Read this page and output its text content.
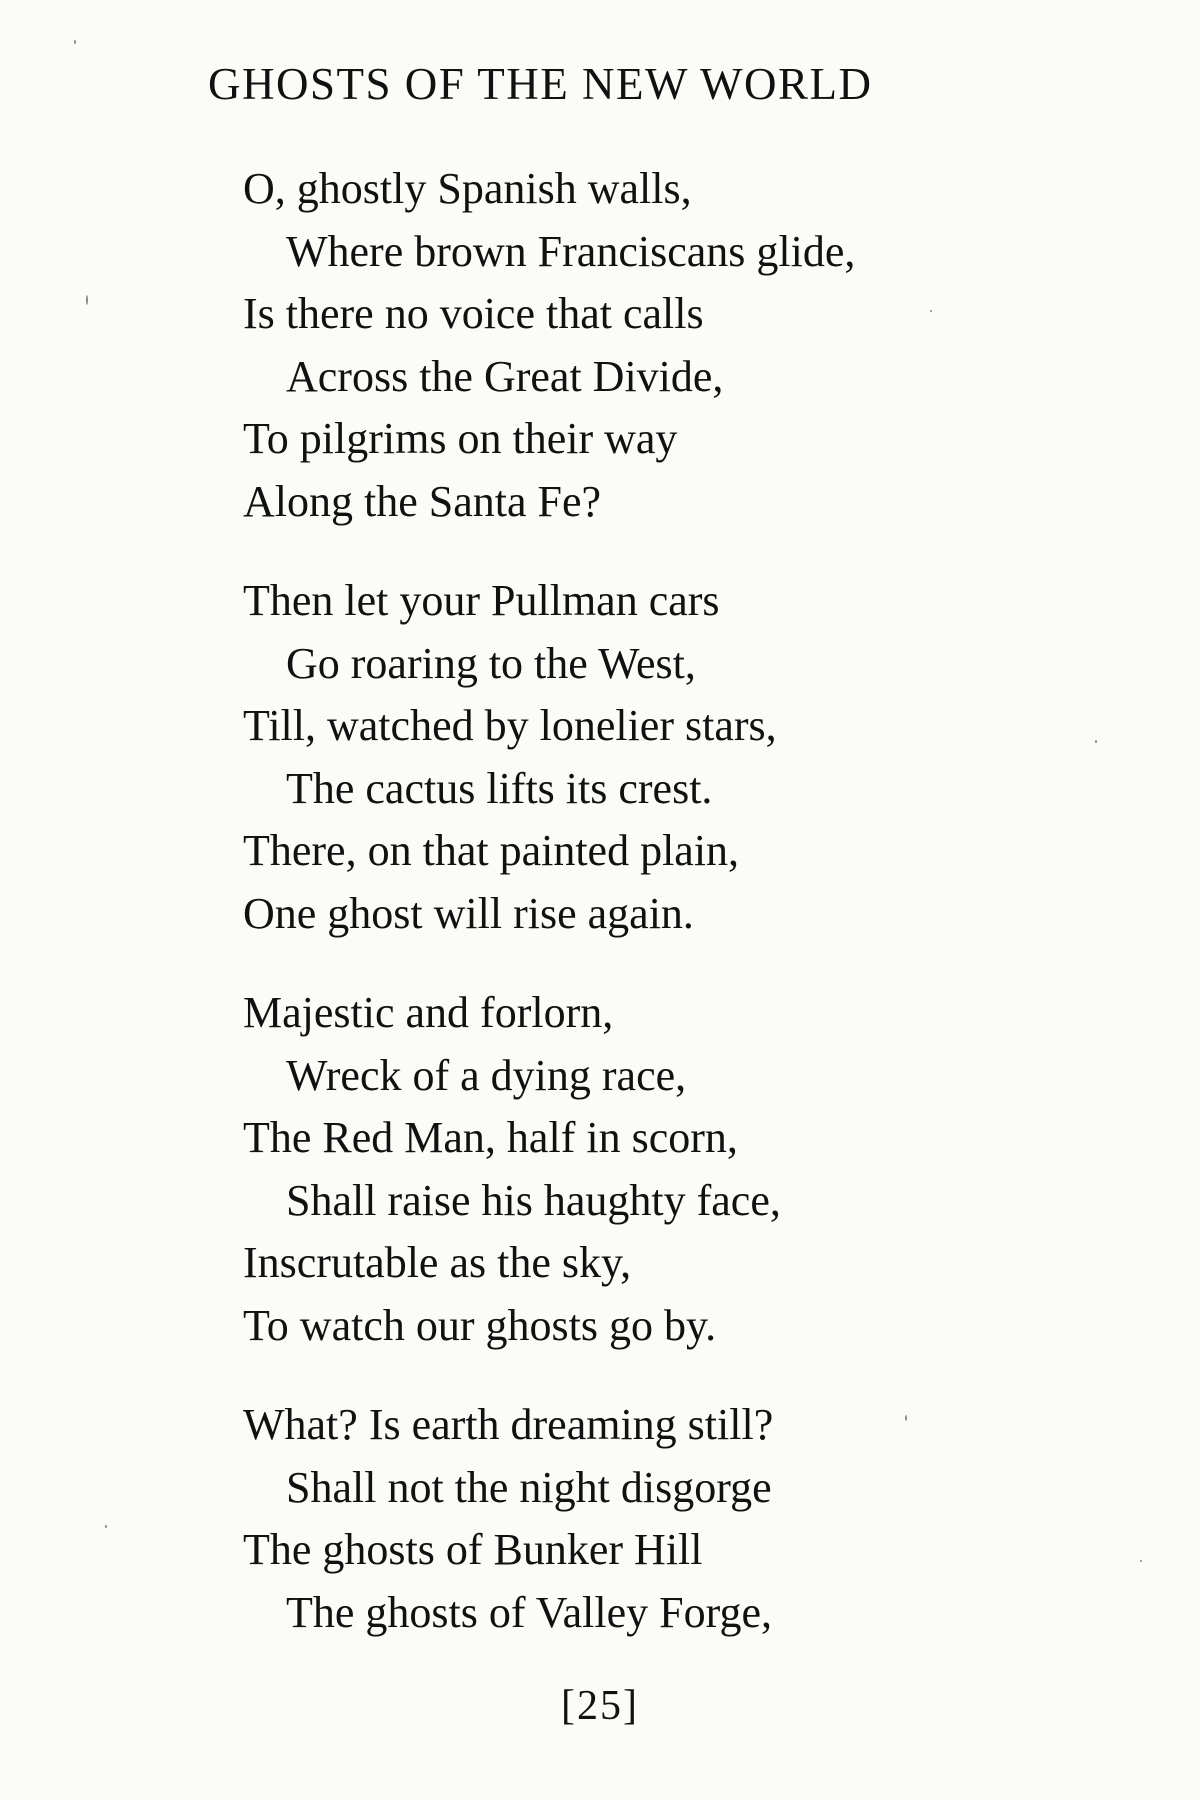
GHOSTS OF THE NEW WORLD
O, ghostly Spanish walls,
Where brown Franciscans glide,
Is there no voice that calls
Across the Great Divide,
To pilgrims on their way
Along the Santa Fe?
Then let your Pullman cars
Go roaring to the West,
Till, watched by lonelier stars,
The cactus lifts its crest.
There, on that painted plain,
One ghost will rise again.
Majestic and forlorn,
Wreck of a dying race,
The Red Man, half in scorn,
Shall raise his haughty face,
Inscrutable as the sky,
To watch our ghosts go by.
What? Is earth dreaming still?
Shall not the night disgorge
The ghosts of Bunker Hill
The ghosts of Valley Forge,
[25]
